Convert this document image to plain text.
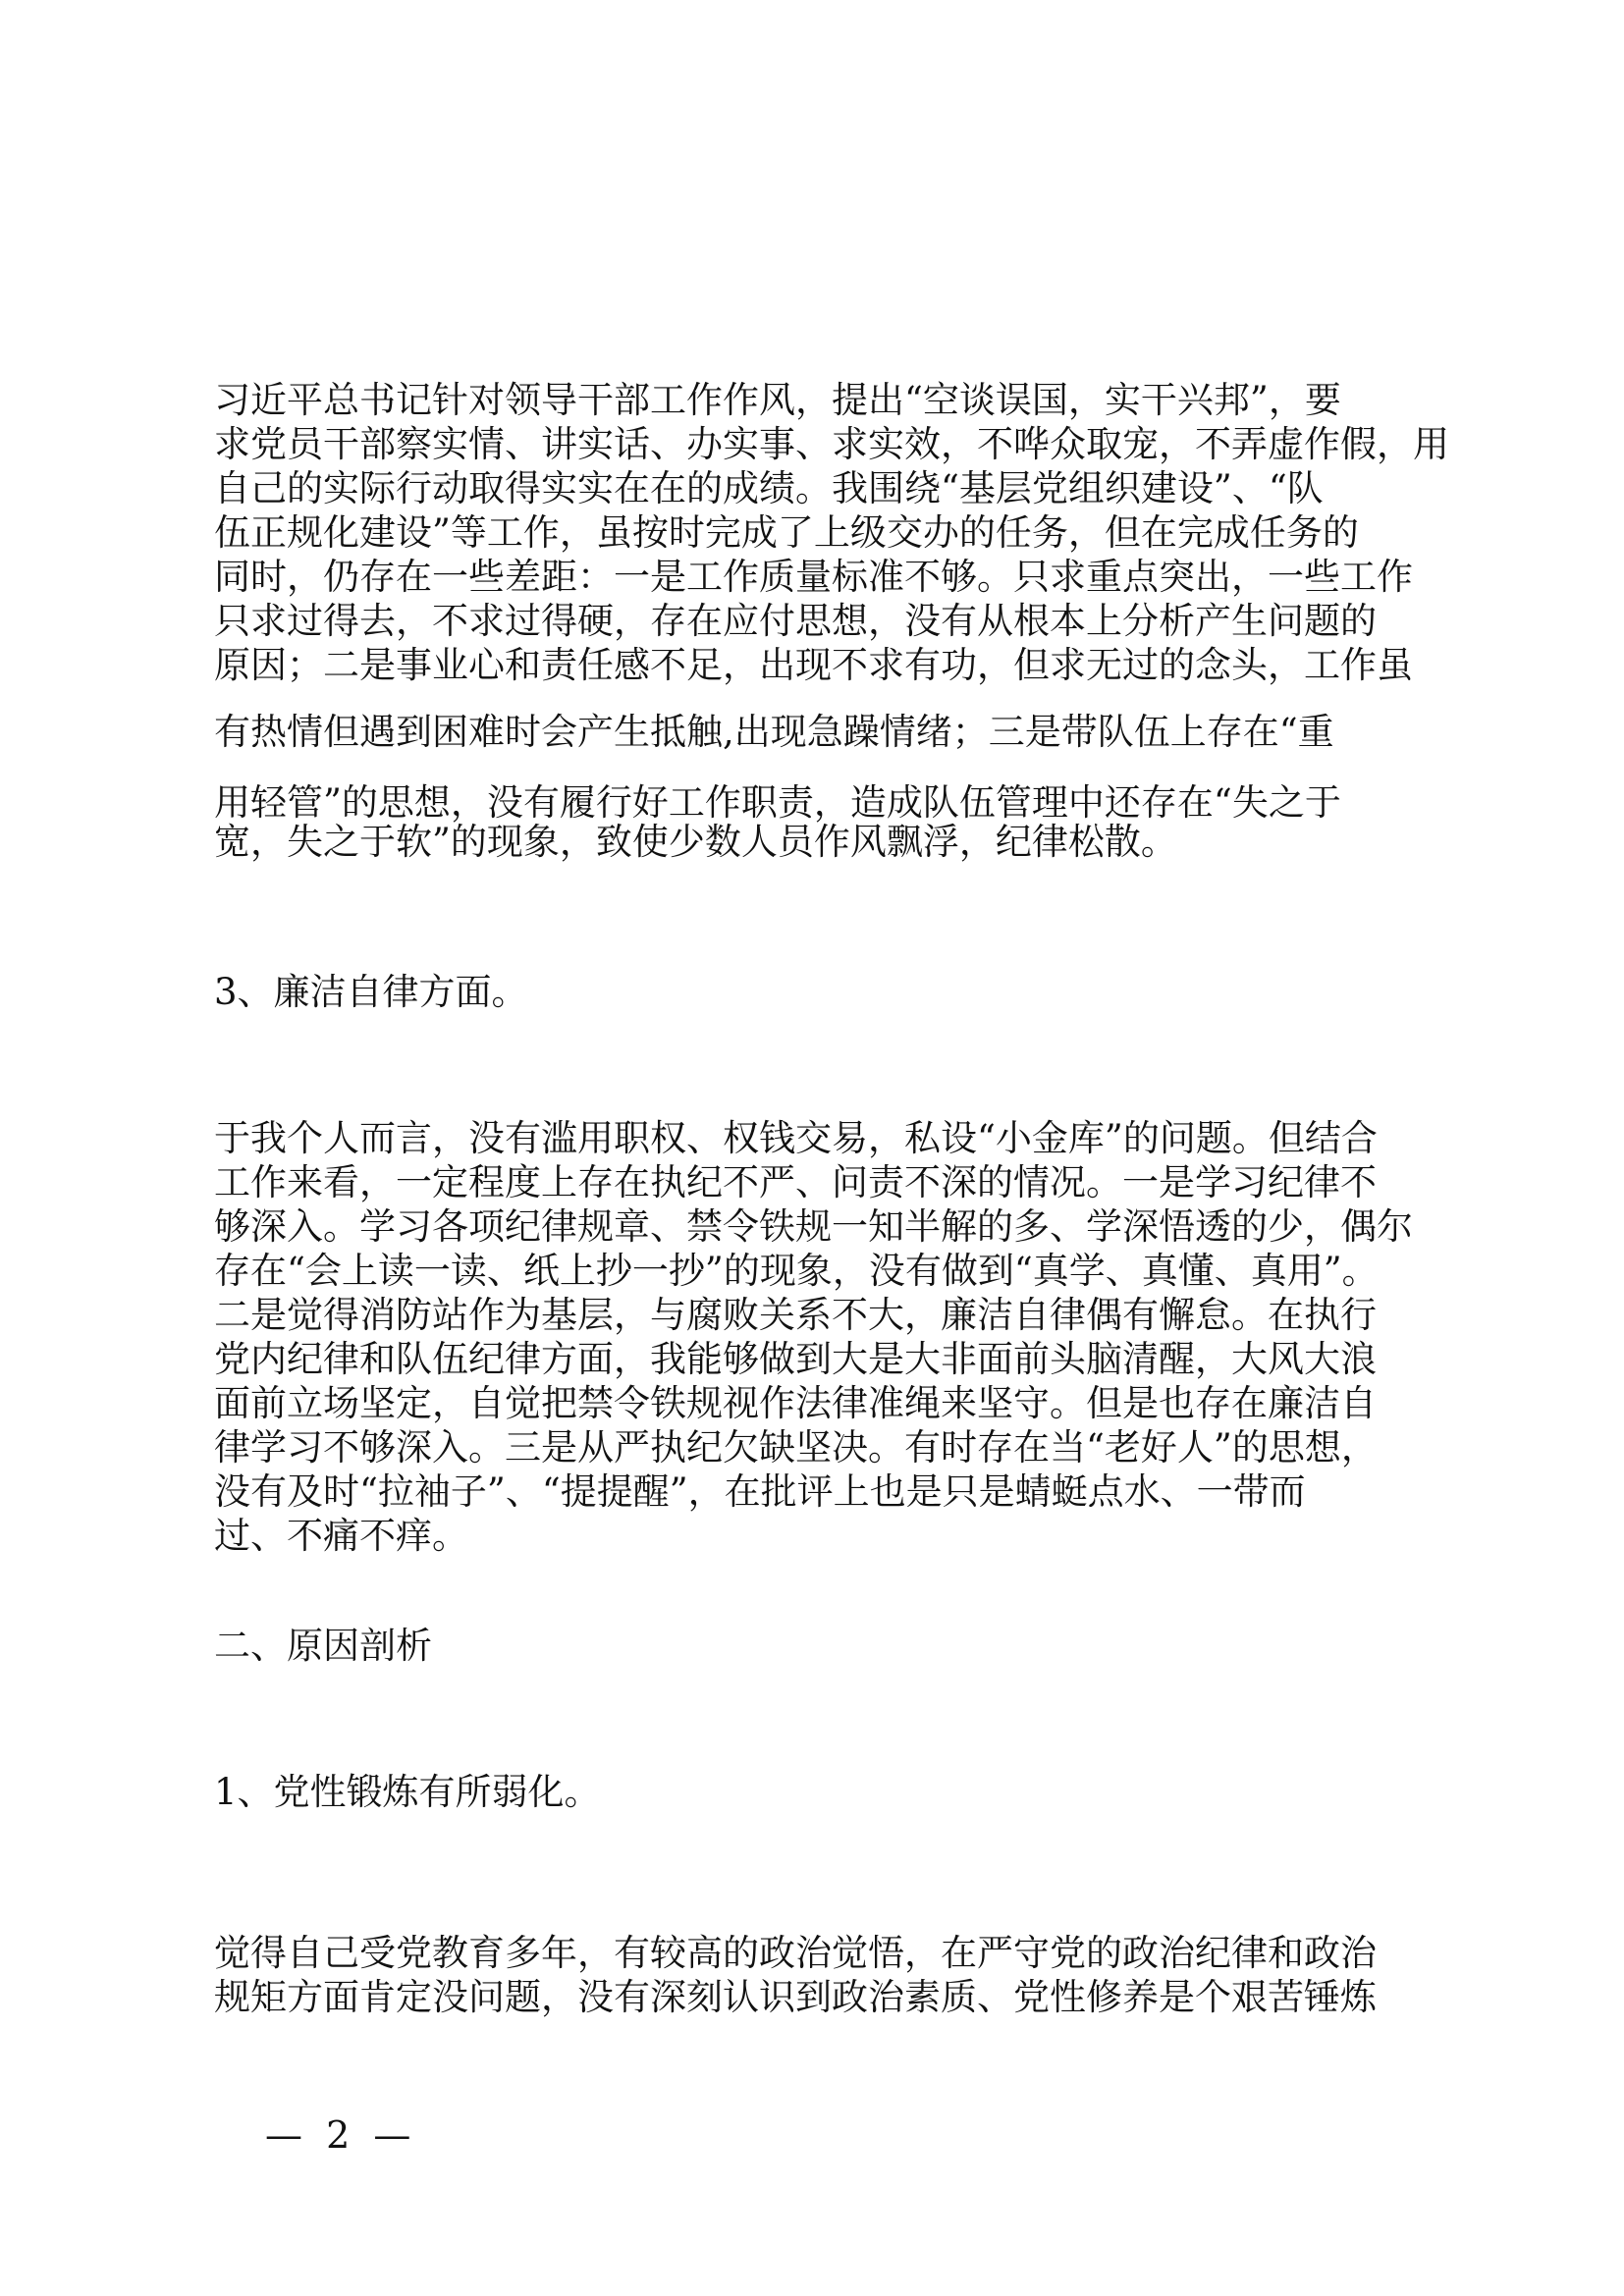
习近平总书记针对领导干部工作作风，提出“空谈误国，实干兴邦”，要
求党员干部察实情、讲实话、办实事、求实效，不哗众取宠，不弄虚作假，用
自己的实际行动取得实实在在的成绩。我围绕“基层党组织建设”、“队
伍正规化建设”等工作，虽按时完成了上级交办的任务，但在完成任务的
同时，仍存在一些差距：一是工作质量标准不够。只求重点突出，一些工作
只求过得去，不求过得硬，存在应付思想，没有从根本上分析产生问题的
原因；二是事业心和责任感不足，出现不求有功，但求无过的念头，工作虽
有热情但遇到困难时会产生抵触,出现急躁情绪；三是带队伍上存在“重
用轻管”的思想，没有履行好工作职责，造成队伍管理中还存在“失之于
宽，失之于软”的现象，致使少数人员作风飘浮，纪律松散。
3、廉洁自律方面。
于我个人而言，没有滥用职权、权钱交易，私设“小金库”的问题。但结合
工作来看，一定程度上存在执纪不严、问责不深的情况。一是学习纪律不
够深入。学习各项纪律规章、禁令铁规一知半解的多、学深悟透的少，偶尔
存在“会上读一读、纸上抄一抄”的现象，没有做到“真学、真懂、真用”。
二是觉得消防站作为基层，与腐败关系不大，廉洁自律偶有懈怠。在执行
党内纪律和队伍纪律方面，我能够做到大是大非面前头脑清醒，大风大浪
面前立场坚定，自觉把禁令铁规视作法律准绳来坚守。但是也存在廉洁自
律学习不够深入。三是从严执纪欠缺坚决。有时存在当“老好人”的思想，
没有及时“拉袖子”、“提提醒”，在批评上也是只是蜻蜓点水、一带而
过、不痛不痒。
二、原因剖析
1、党性锻炼有所弱化。
觉得自己受党教育多年，有较高的政治觉悟，在严守党的政治纪律和政治
规矩方面肯定没问题，没有深刻认识到政治素质、党性修养是个艰苦锤炼
— 2 —
